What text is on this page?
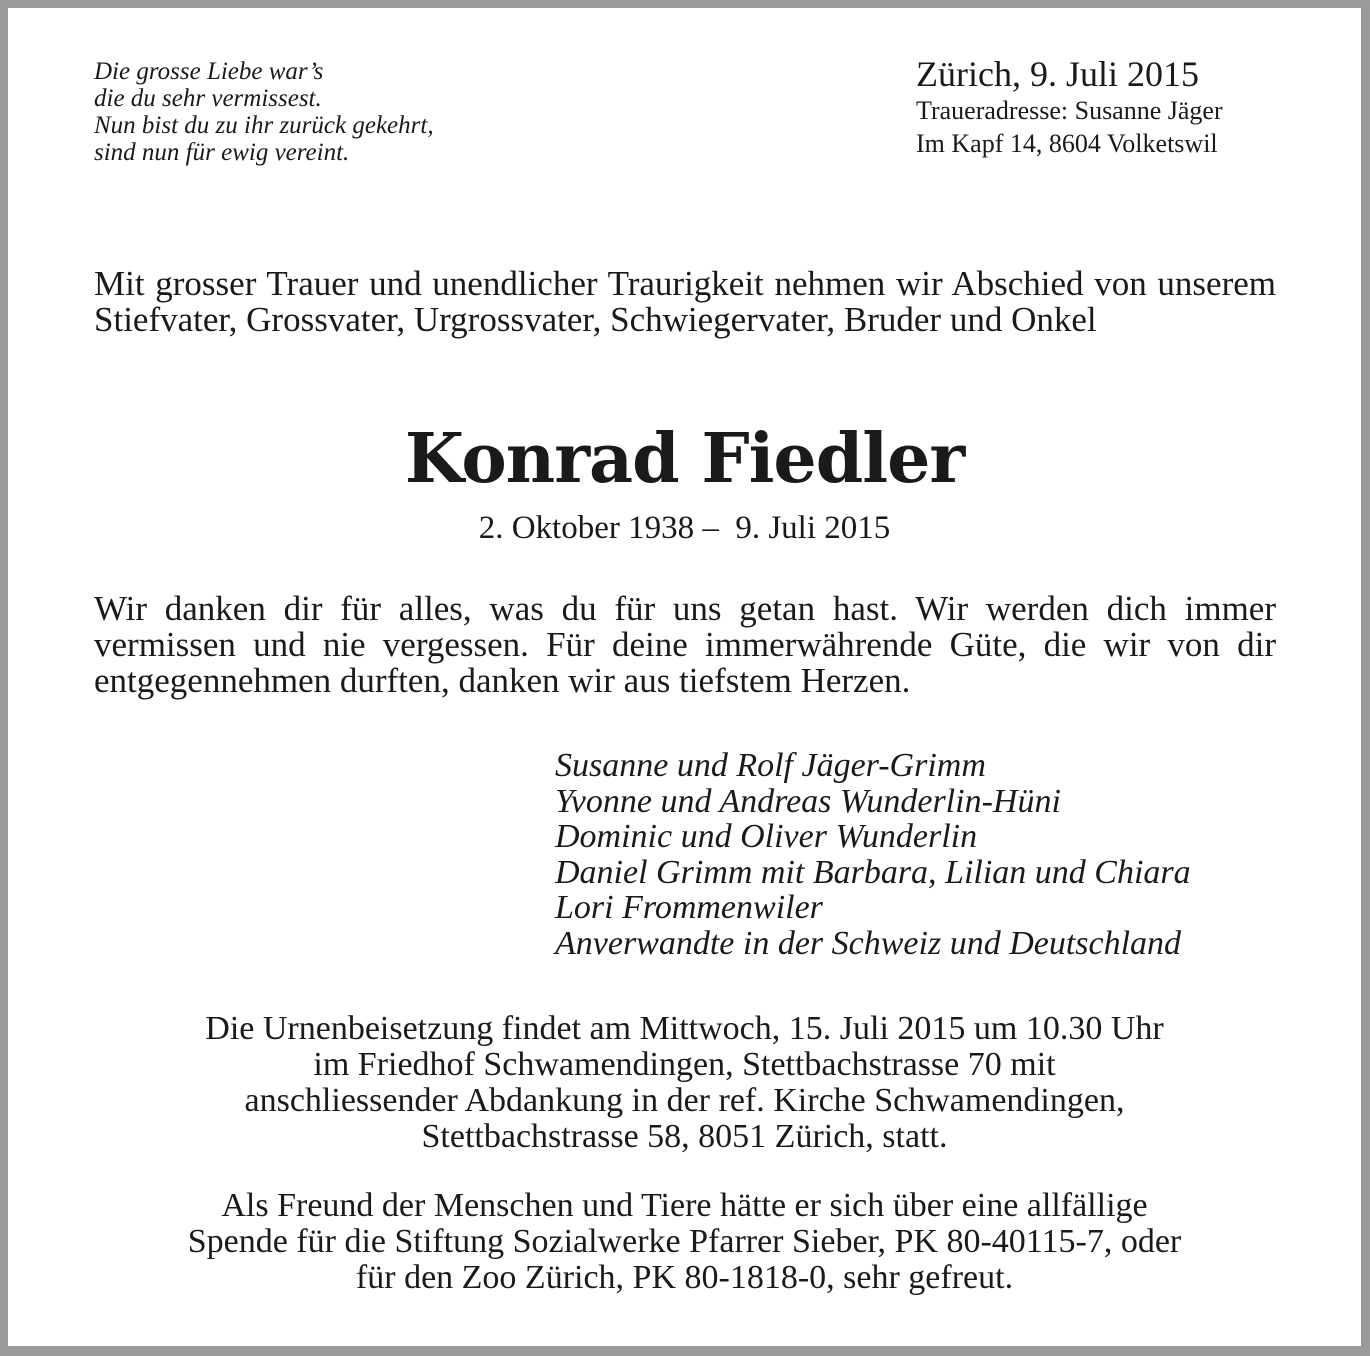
Die grosse Liebe war’s
die du sehr vermissest.
Nun bist du zu ihr zurück gekehrt,
sind nun für ewig vereint.
Zürich, 9. Juli 2015
Traueradresse: Susanne Jäger
Im Kapf 14, 8604 Volketswil
Mit grosser Trauer und unendlicher Traurigkeit nehmen wir Abschied von unserem Stiefvater, Grossvater, Urgrossvater, Schwiegervater, Bruder und Onkel
Konrad Fiedler
2. Oktober 1938 –  9. Juli 2015
Wir danken dir für alles, was du für uns getan hast. Wir werden dich immer vermissen und nie vergessen. Für deine immerwährende Güte, die wir von dir entgegennehmen durften, danken wir aus tiefstem Herzen.
Susanne und Rolf Jäger-Grimm
Yvonne und Andreas Wunderlin-Hüni
Dominic und Oliver Wunderlin
Daniel Grimm mit Barbara, Lilian und Chiara
Lori Frommenwiler
Anverwandte in der Schweiz und Deutschland
Die Urnenbeisetzung findet am Mittwoch, 15. Juli 2015 um 10.30 Uhr
im Friedhof Schwamendingen, Stettbachstrasse 70 mit
anschliessender Abdankung in der ref. Kirche Schwamendingen,
Stettbachstrasse 58, 8051 Zürich, statt.
Als Freund der Menschen und Tiere hätte er sich über eine allfällige
Spende für die Stiftung Sozialwerke Pfarrer Sieber, PK 80-40115-7, oder
für den Zoo Zürich, PK 80-1818-0, sehr gefreut.
